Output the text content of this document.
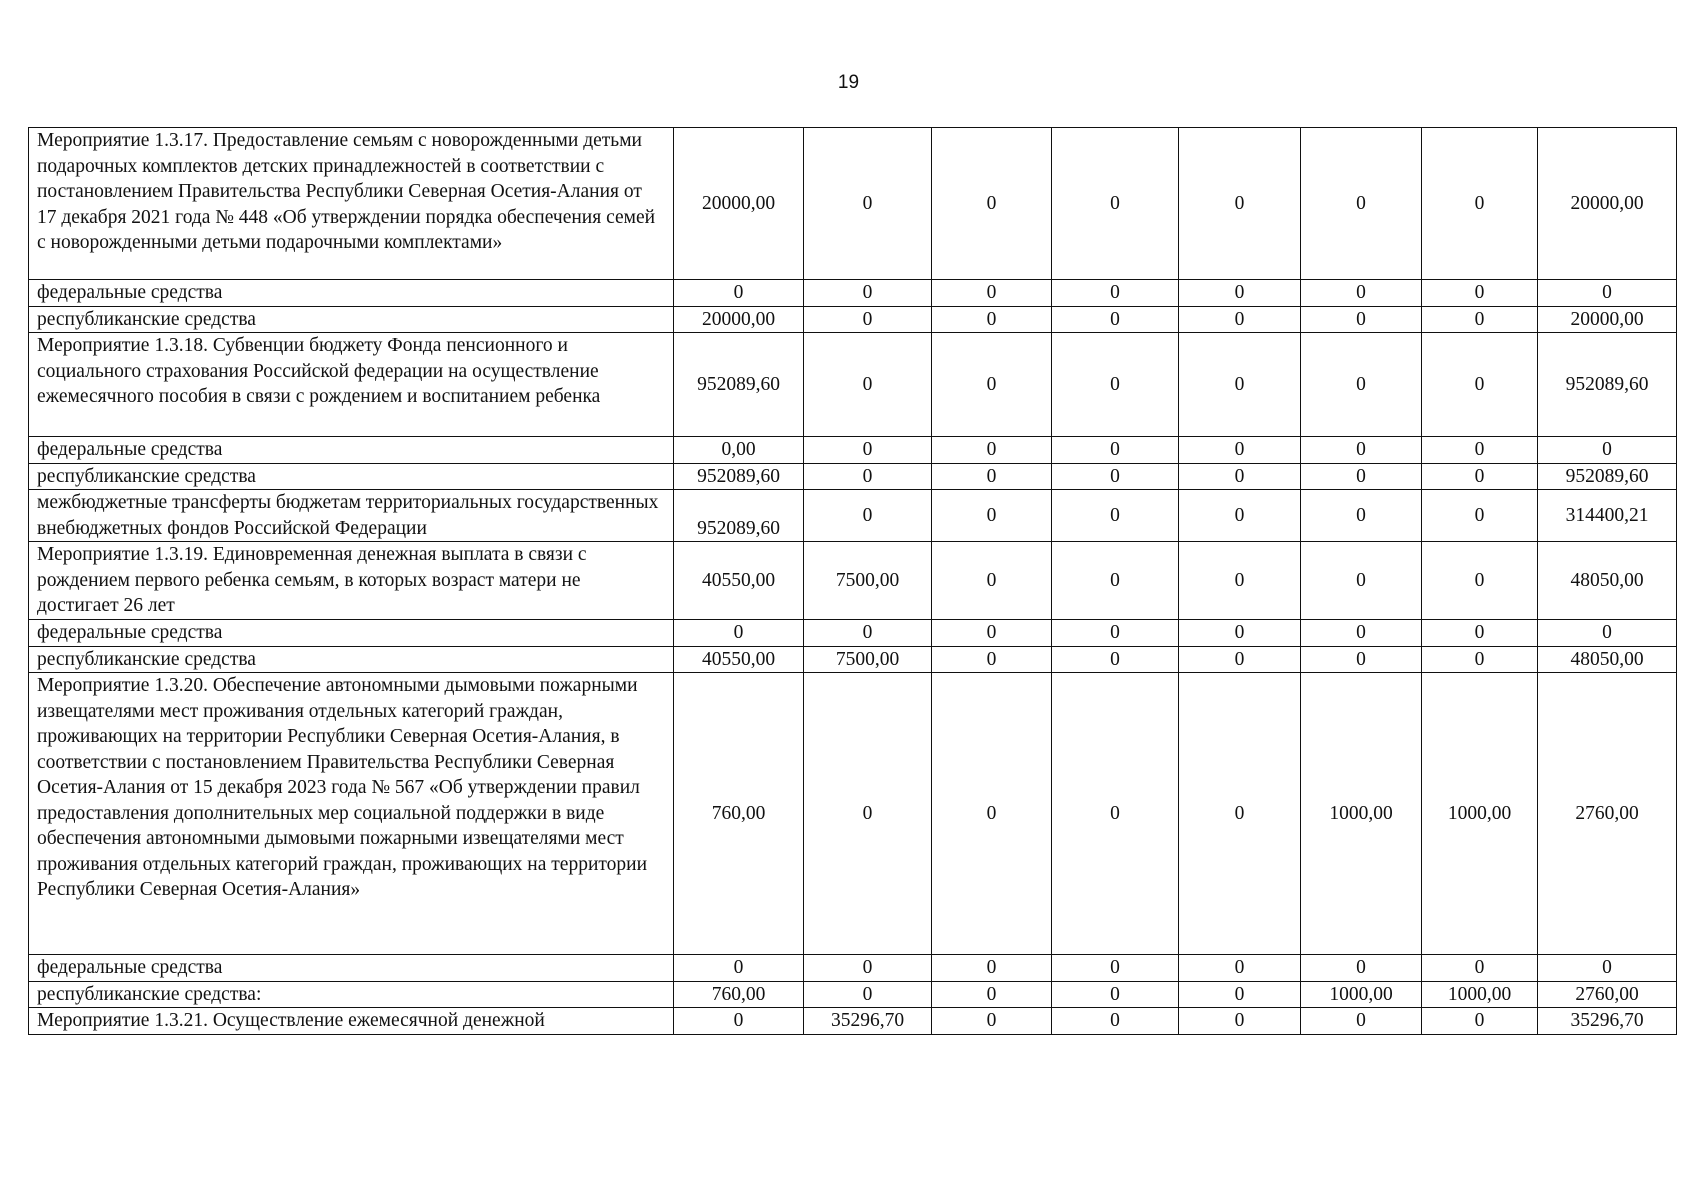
19
Мероприятие 1.3.17. Предоставление семьям с новорожденными детьми подарочных комплектов детских принадлежностей в соответствии с постановлением Правительства Республики Северная Осетия-Алания от 17 декабря 2021 года № 448 «Об утверждении порядка обеспечения семей с новорожденными детьми подарочными комплектами»	20000,00	0	0	0	0	0	0	20000,00
федеральные средства	0	0	0	0	0	0	0	0
республиканские средства	20000,00	0	0	0	0	0	0	20000,00
Мероприятие 1.3.18. Субвенции бюджету Фонда пенсионного и социального страхования Российской федерации на осуществление ежемесячного пособия в связи с рождением и воспитанием ребенка	952089,60	0	0	0	0	0	0	952089,60
федеральные средства	0,00	0	0	0	0	0	0	0
республиканские средства	952089,60	0	0	0	0	0	0	952089,60
межбюджетные трансферты бюджетам территориальных государственных внебюджетных фондов Российской Федерации	952089,60	0	0	0	0	0	0	314400,21
Мероприятие 1.3.19. Единовременная денежная выплата в связи с рождением первого ребенка семьям, в которых возраст матери не достигает 26 лет	40550,00	7500,00	0	0	0	0	0	48050,00
федеральные средства	0	0	0	0	0	0	0	0
республиканские средства	40550,00	7500,00	0	0	0	0	0	48050,00
Мероприятие 1.3.20. Обеспечение автономными дымовыми пожарными извещателями мест проживания отдельных категорий граждан, проживающих на территории Республики Северная Осетия-Алания, в соответствии с постановлением Правительства Республики Северная Осетия-Алания от 15 декабря 2023 года № 567 «Об утверждении правил предоставления дополнительных мер социальной поддержки в виде обеспечения автономными дымовыми пожарными извещателями мест проживания отдельных категорий граждан, проживающих на территории Республики Северная Осетия-Алания»	760,00	0	0	0	0	1000,00	1000,00	2760,00
федеральные средства	0	0	0	0	0	0	0	0
республиканские средства:	760,00	0	0	0	0	1000,00	1000,00	2760,00
Мероприятие 1.3.21. Осуществление ежемесячной денежной	0	35296,70	0	0	0	0	0	35296,70
